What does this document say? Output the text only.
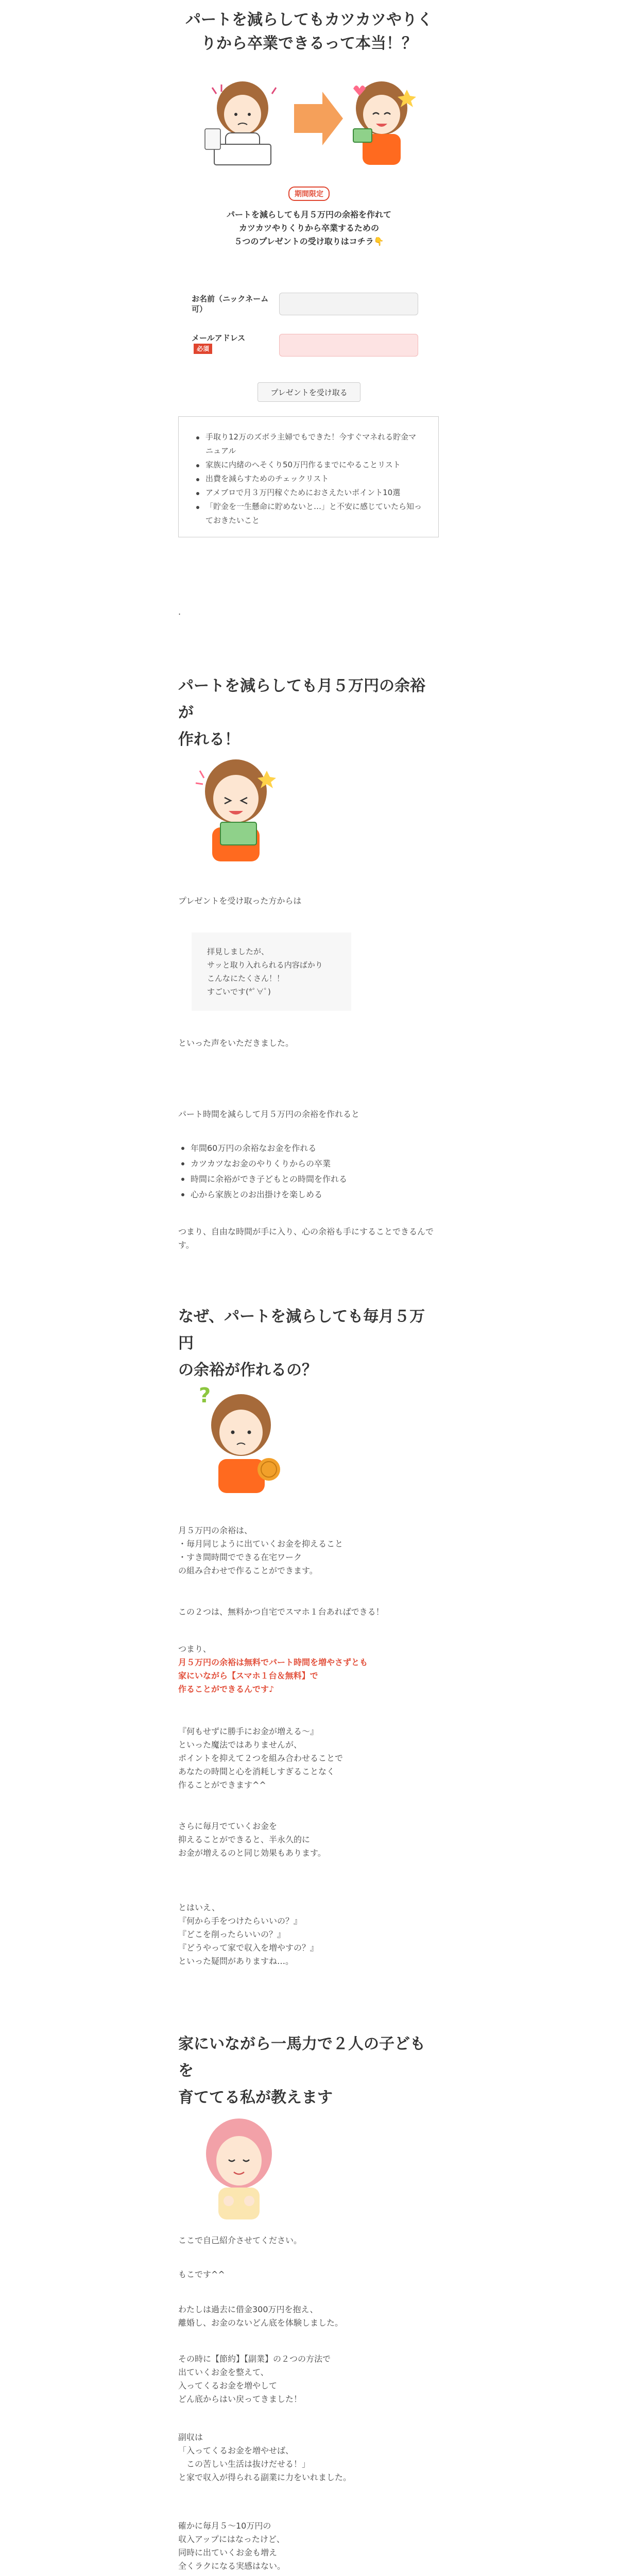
パートを減らしてもカツカツやりく
りから卒業できるって本当！？
期間限定

パートを減らしても月５万円の余裕を作れて
カツカツやりくりから卒業するための
５つのプレゼントの受け取りはコチラ👇

お名前（ニックネーム可）
メールアドレス
必須
プレゼントを受け取る
手取り12万のズボラ主婦でもできた！今すぐマネれる貯金マニュアル
家族に内緒のへそくり50万円作るまでにやることリスト
出費を減らすためのチェックリスト
アメブロで月３万円稼ぐためにおさえたいポイント10選
「貯金を一生懸命に貯めないと…」と不安に感じていたら知っておきたいこと
.
パートを減らしても月５万円の余裕が
作れる！

プレゼントを受け取った方からは

拝見しましたが、
サッと取り入れられる内容ばかり
こんなにたくさん！！
すごいです(*ﾟ∀ﾟ)

といった声をいただきました。

パート時間を減らして月５万円の余裕を作れると

年間60万円の余裕なお金を作れる
カツカツなお金のやりくりからの卒業
時間に余裕ができ子どもとの時間を作れる
心から家族とのお出掛けを楽しめる

つまり、自由な時間が手に入り、心の余裕も手にすることできるんです。

なぜ、パートを減らしても毎月５万円
の余裕が作れるの？
?

月５万円の余裕は、
・毎月同じように出ていくお金を抑えること
・すき間時間でできる在宅ワーク
の組み合わせで作ることができます。

この２つは、無料かつ自宅でスマホ１台あればできる！

つまり、

月５万円の余裕は無料でパート時間を増やさずとも
家にいながら【スマホ１台＆無料】で
作ることができるんです♪

『何もせずに勝手にお金が増える〜』
といった魔法ではありませんが、
ポイントを抑えて２つを組み合わせることで
あなたの時間と心を消耗しすぎることなく
作ることができます^^

さらに毎月でていくお金を
抑えることができると、半永久的に
お金が増えるのと同じ効果もあります。

とはいえ、
『何から手をつけたらいいの？』
『どこを削ったらいいの？』
『どうやって家で収入を増やすの？』
といった疑問がありますね…。

家にいながら一馬力で２人の子どもを
育ててる私が教えます

ここで自己紹介させてください。

もこです^^

わたしは過去に借金300万円を抱え、
離婚し、お金のないどん底を体験しました。

その時に【節約】【副業】の２つの方法で
出ていくお金を整えて、
入ってくるお金を増やして
どん底からはい戻ってきました！

副収は
「入ってくるお金を増やせば、
　この苦しい生活は抜けだせる！」
と家で収入が得られる副業に力をいれました。

確かに毎月５〜10万円の
収入アップにはなったけど、
同時に出ていくお金も増え
全くラクになる実感はない。
